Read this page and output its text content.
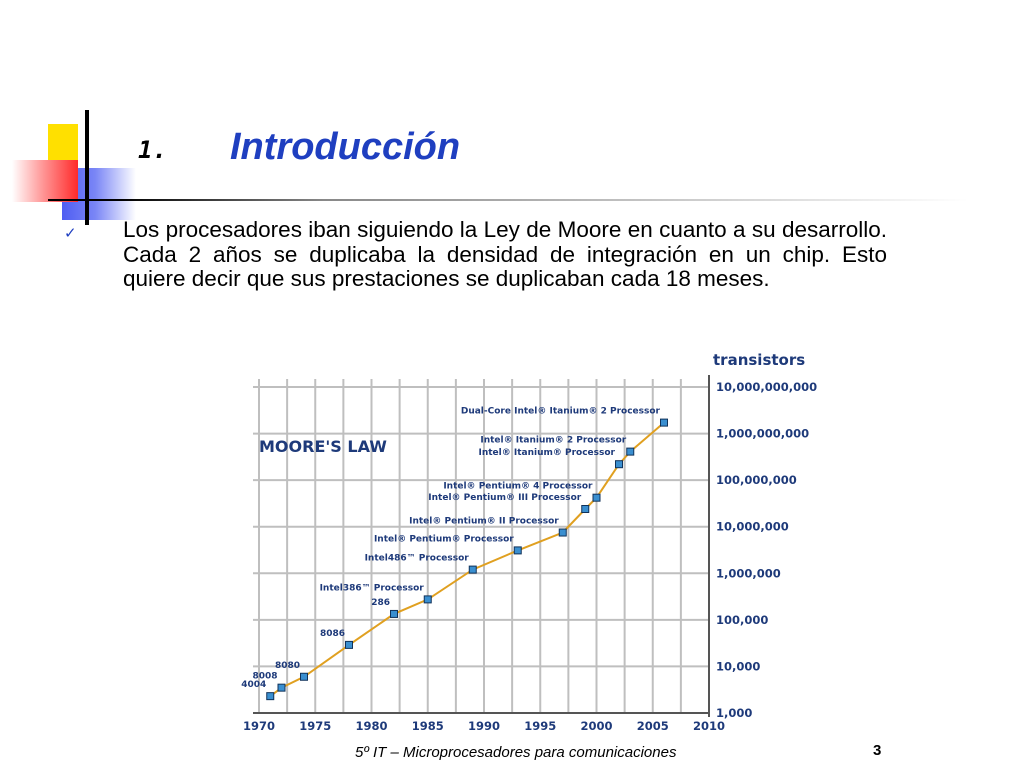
1. Introducción
✓ Los procesadores iban siguiendo la Ley de Moore en cuanto a su desarrollo. Cada 2 años se duplicaba la densidad de integración en un chip. Esto quiere decir que sus prestaciones se duplicaban cada 18 meses.
10,000,000,000
1,000,000,000
100,000,000
10,000,000
1,000,000
100,000
10,000
1,000
1970 1975 1980 1985 1990 1995 2000 2005 2010
transistors
MOORE'S LAW
4004
8008
8080
8086
286
Intel386™ Processor
Intel486™ Processor
Intel® Pentium® Processor
Intel® Pentium® II Processor
Intel® Pentium® III Processor
Intel® Pentium® 4 Processor
Intel® Itanium® Processor
Intel® Itanium® 2 Processor
Dual-Core Intel® Itanium® 2 Processor
5º IT – Microprocesadores para comunicaciones	3
